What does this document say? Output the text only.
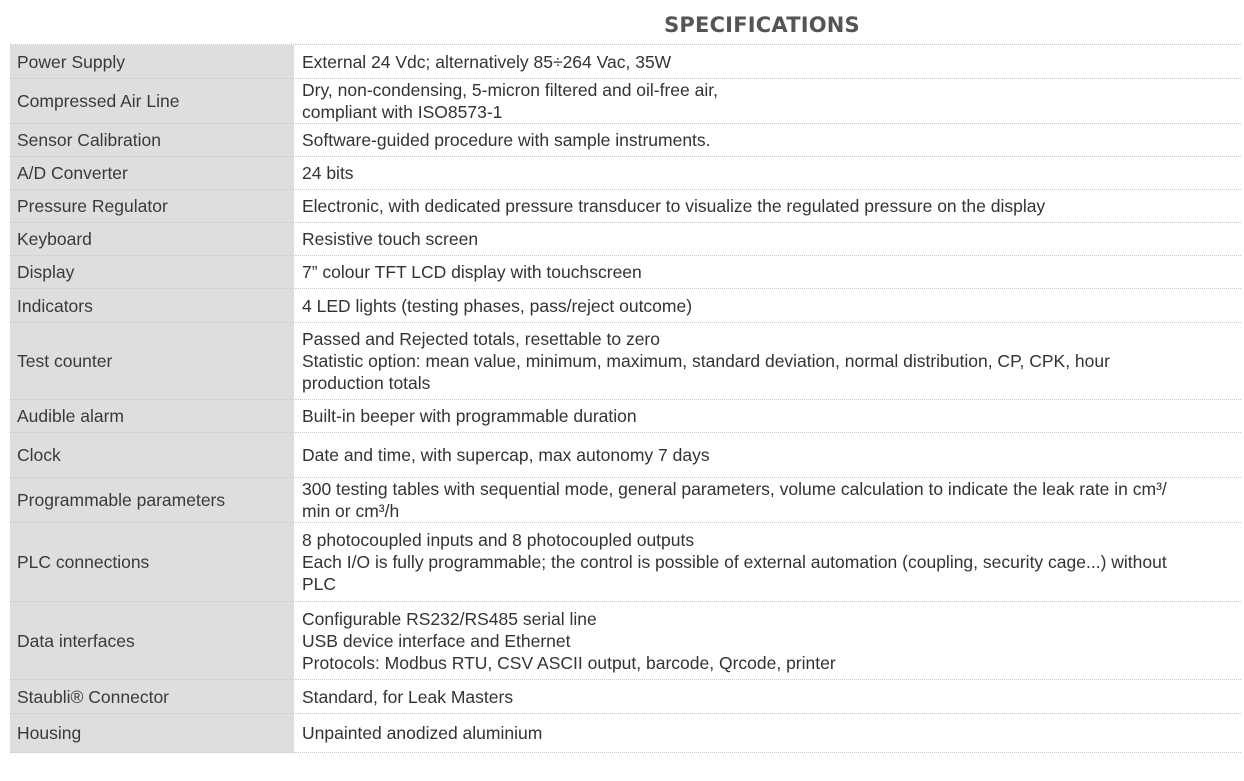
SPECIFICATIONS
Power Supply	External 24 Vdc; alternatively 85÷264 Vac, 35W

Compressed Air Line	Dry, non-condensing, 5-micron filtered and oil-free air,
compliant with ISO8573-1

Sensor Calibration	Software-guided procedure with sample instruments.

A/D Converter	24 bits

Pressure Regulator	Electronic, with dedicated pressure transducer to visualize the regulated pressure on the display

Keyboard	Resistive touch screen

Display	7” colour TFT LCD display with touchscreen

Indicators	4 LED lights (testing phases, pass/reject outcome)

Test counter	Passed and Rejected totals, resettable to zero
Statistic option: mean value, minimum, maximum, standard deviation, normal distribution, CP, CPK, hour
production totals

Audible alarm	Built-in beeper with programmable duration

Clock	Date and time, with supercap, max autonomy 7 days

Programmable parameters	300 testing tables with sequential mode, general parameters, volume calculation to indicate the leak rate in cm³/
min or cm³/h

PLC connections	8 photocoupled inputs and 8 photocoupled outputs
Each I/O is fully programmable; the control is possible of external automation (coupling, security cage...) without
PLC

Data interfaces	Configurable RS232/RS485 serial line
USB device interface and Ethernet
Protocols: Modbus RTU, CSV ASCII output, barcode, Qrcode, printer

Staubli® Connector	Standard, for Leak Masters

Housing	Unpainted anodized aluminium
